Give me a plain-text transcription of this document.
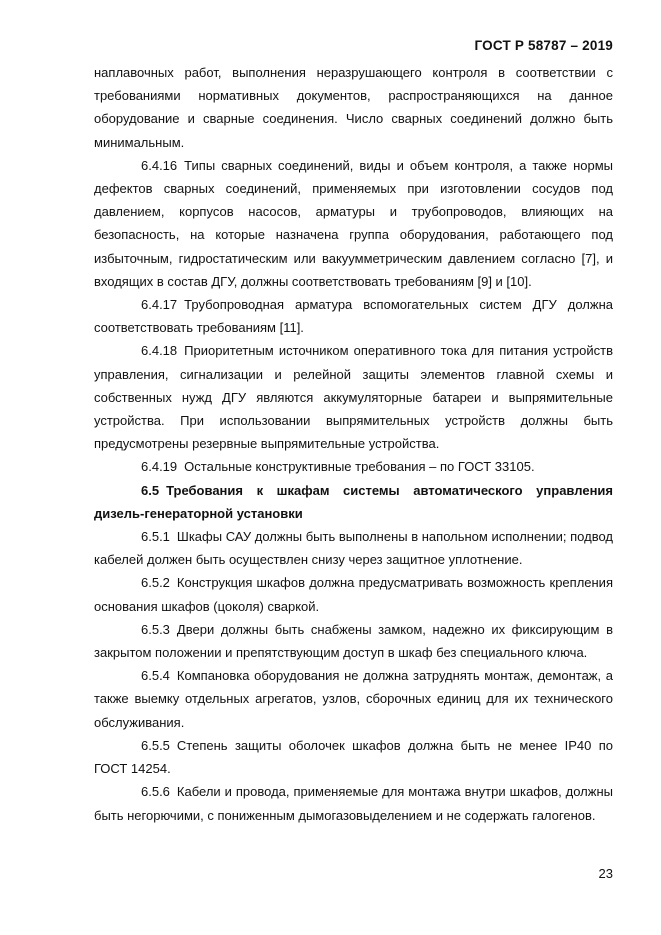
ГОСТ Р 58787 – 2019

наплавочных работ, выполнения неразрушающего контроля в соответствии с требованиями нормативных документов, распространяющихся на данное оборудование и сварные соединения. Число сварных соединений должно быть минимальным.

6.4.16 Типы сварных соединений, виды и объем контроля, а также нормы дефектов сварных соединений, применяемых при изготовлении сосудов под давлением, корпусов насосов, арматуры и трубопроводов, влияющих на безопасность, на которые назначена группа оборудования, работающего под избыточным, гидростатическим или вакуумметрическим давлением согласно [7], и входящих в состав ДГУ, должны соответствовать требованиям [9] и [10].

6.4.17 Трубопроводная арматура вспомогательных систем ДГУ должна соответствовать требованиям [11].

6.4.18 Приоритетным источником оперативного тока для питания устройств управления, сигнализации и релейной защиты элементов главной схемы и собственных нужд ДГУ являются аккумуляторные батареи и выпрямительные устройства. При использовании выпрямительных устройств должны быть предусмотрены резервные выпрямительные устройства.

6.4.19 Остальные конструктивные требования – по ГОСТ 33105.

6.5 Требования к шкафам системы автоматического управления дизель-генераторной установки

6.5.1 Шкафы САУ должны быть выполнены в напольном исполнении; подвод кабелей должен быть осуществлен снизу через защитное уплотнение.

6.5.2 Конструкция шкафов должна предусматривать возможность крепления основания шкафов (цоколя) сваркой.

6.5.3 Двери должны быть снабжены замком, надежно их фиксирующим в закрытом положении и препятствующим доступ в шкаф без специального ключа.

6.5.4 Компановка оборудования не должна затруднять монтаж, демонтаж, а также выемку отдельных агрегатов, узлов, сборочных единиц для их технического обслуживания.

6.5.5 Степень защиты оболочек шкафов должна быть не менее IP40 по ГОСТ 14254.

6.5.6 Кабели и провода, применяемые для монтажа внутри шкафов, должны быть негорючими, с пониженным дымогазовыделением и не содержать галогенов.

23
